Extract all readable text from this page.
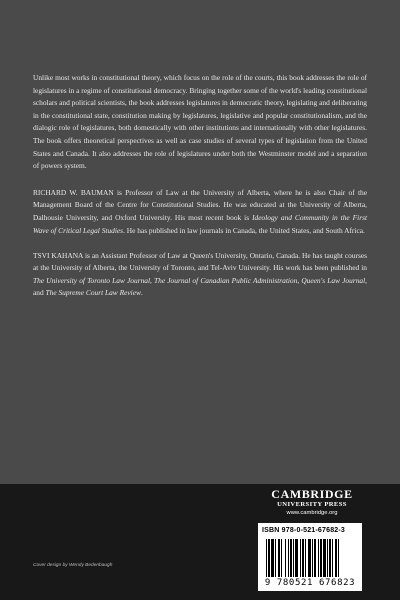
Unlike most works in constitutional theory, which focus on the role of the courts, this book addresses the role of legislatures in a regime of constitutional democracy. Bringing together some of the world's leading constitutional scholars and political scientists, the book addresses legislatures in democratic theory, legislating and deliberating in the constitutional state, constitution making by legislatures, legislative and popular constitutionalism, and the dialogic role of legislatures, both domestically with other institutions and internationally with other legislatures. The book offers theoretical perspectives as well as case studies of several types of legislation from the United States and Canada. It also addresses the role of legislatures under both the Westminster model and a separation of powers system.

RICHARD W. BAUMAN is Professor of Law at the University of Alberta, where he is also Chair of the Management Board of the Centre for Constitutional Studies. He was educated at the University of Alberta, Dalhousie University, and Oxford University. His most recent book is Ideology and Community in the First Wave of Critical Legal Studies. He has published in law journals in Canada, the United States, and South Africa.

TSVI KAHANA is an Assistant Professor of Law at Queen's University, Ontario, Canada. He has taught courses at the University of Alberta, the University of Toronto, and Tel-Aviv University. His work has been published in The University of Toronto Law Journal, The Journal of Canadian Public Administration, Queen's Law Journal, and The Supreme Court Law Review.

Cover design by Wendy Bedenbaugh
CAMBRIDGE
UNIVERSITY PRESS
www.cambridge.org
ISBN 978-0-521-67682-3
9 780521 676823
